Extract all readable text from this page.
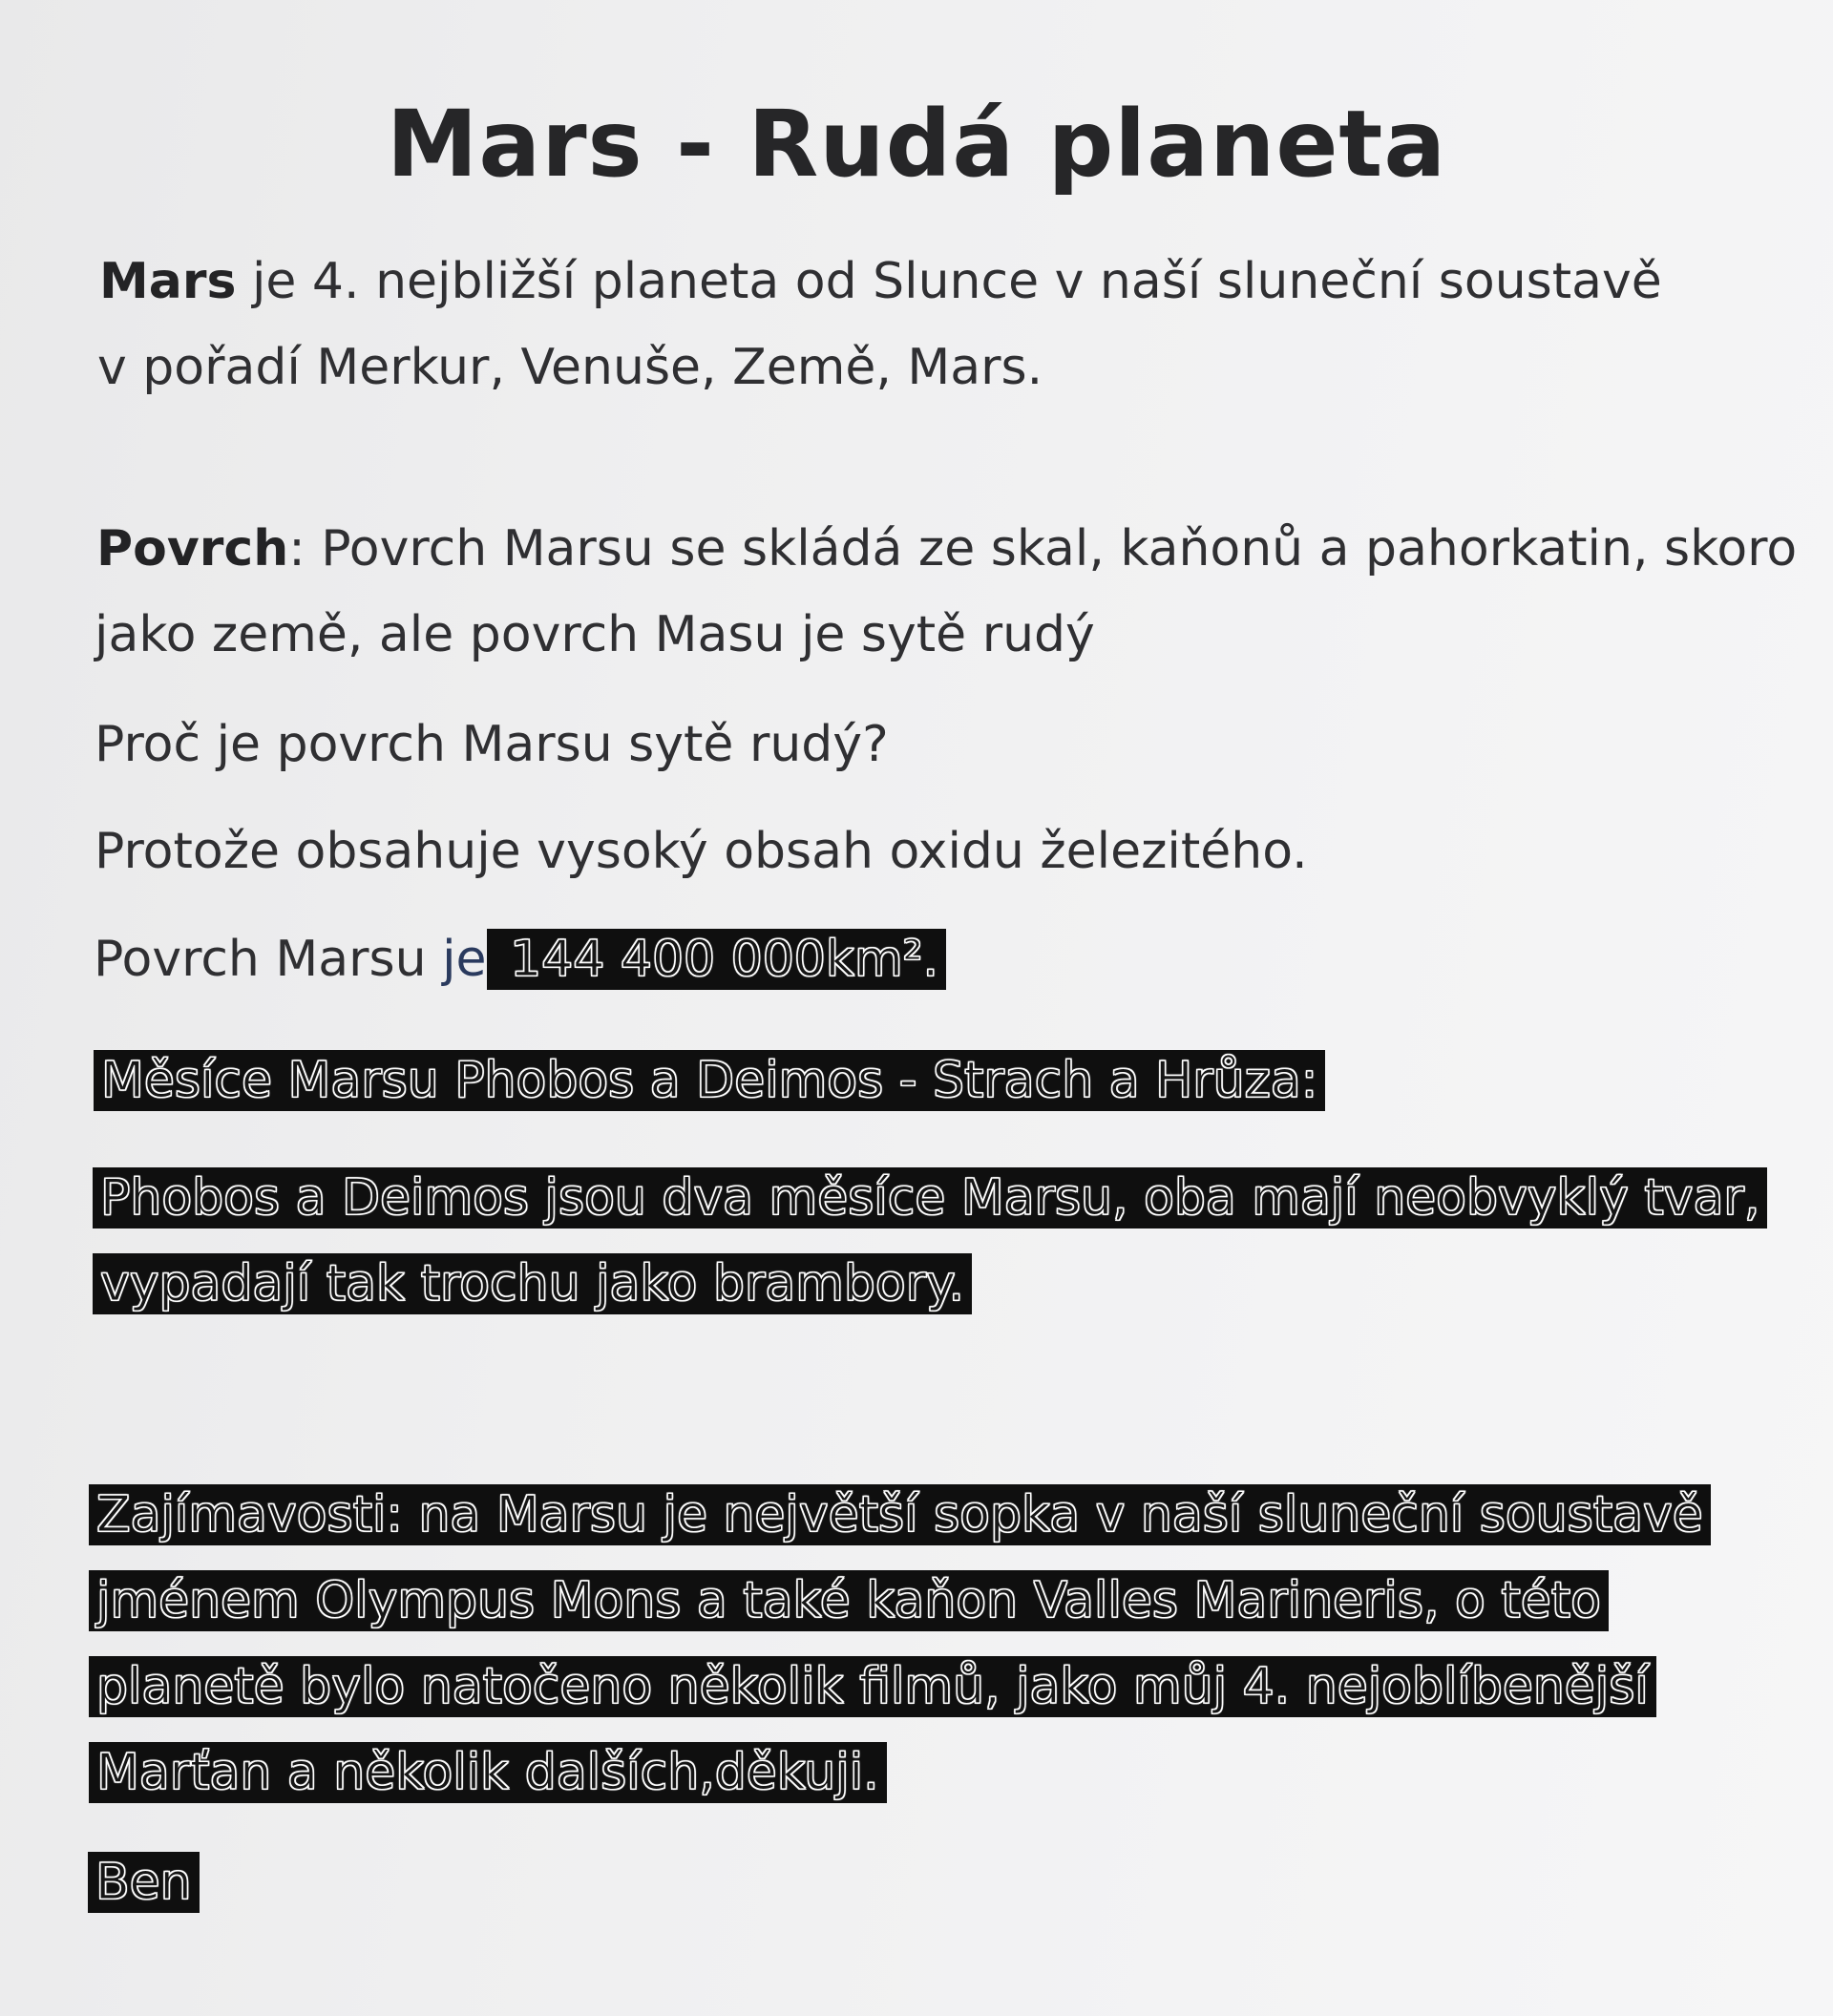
Mars - Rudá planeta
Mars je 4. nejbližší planeta od Slunce v naší sluneční soustavě
v pořadí Merkur, Venuše, Země, Mars.
Povrch: Povrch Marsu se skládá ze skal, kaňonů a pahorkatin, skoro
jako země, ale povrch Masu je sytě rudý
Proč je povrch Marsu sytě rudý?
Protože obsahuje vysoký obsah oxidu železitého.
Povrch Marsu je 144 400 000km².
Měsíce Marsu Phobos a Deimos - Strach a Hrůza:
Phobos a Deimos jsou dva měsíce Marsu, oba mají neobvyklý tvar,
vypadají tak trochu jako brambory.
Zajímavosti: na Marsu je největší sopka v naší sluneční soustavě
jménem Olympus Mons a také kaňon Valles Marineris, o této
planetě bylo natočeno několik filmů, jako můj 4. nejoblíbenější
Marťan a několik dalších,děkuji.
Ben
